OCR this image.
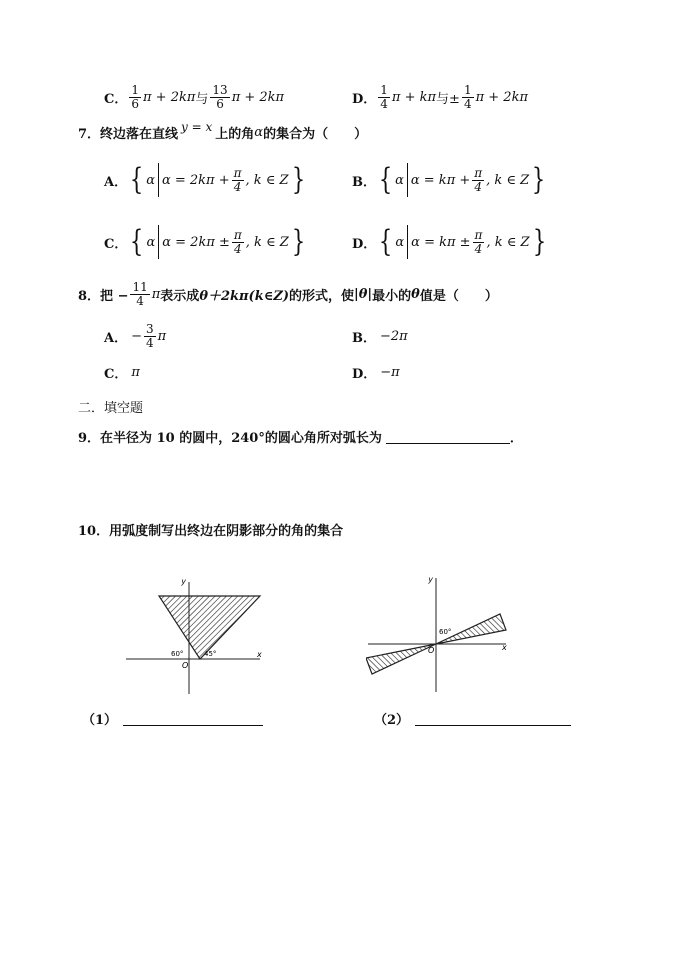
C． $\frac{1}{6}$ π + 2kπ 与 $\frac{13}{6}$ π + 2kπ	D． $\frac{1}{4}$ π + kπ 与± $\frac{1}{4}$ π + 2kπ
7．终边落在直线 y = x 上的角 α 的集合为（　　）
A． { α $\alpha = 2k\pi + \frac{\pi}{4}$ , k ∈ Z }	B． { α $\alpha = k\pi + \frac{\pi}{4}$ , k ∈ Z }
C． { α $\alpha = 2k\pi \pm \frac{\pi}{4}$ , k ∈ Z }	D． { α $\alpha = k\pi \pm \frac{\pi}{4}$ , k ∈ Z }
8．把 − $\frac{11}{4}$ π 表示成 θ＋2kπ(k∈Z) 的形式，使 |θ| 最小的 θ 值是（　　）
A． − $\frac{3}{4}$ π	B． −2π
C． π	D． −π
二．填空题
9．在半径为 10 的圆中，240°的圆心角所对弧长为	．
10．用弧度制写出终边在阴影部分的角的集合
y
x
O
60°	45°
（1）
y
x
O
60°
（2）
